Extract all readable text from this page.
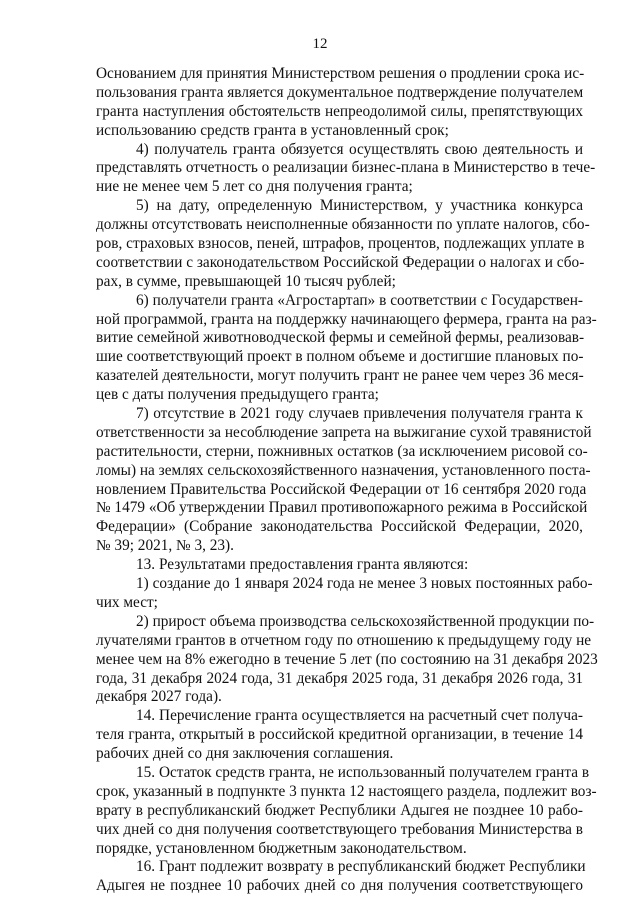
12
Основанием для принятия Министерством решения о продлении срока ис-
пользования гранта является документальное подтверждение получателем
гранта наступления обстоятельств непреодолимой силы, препятствующих
использованию средств гранта в установленный срок;
4) получатель гранта обязуется осуществлять свою деятельность и
представлять отчетность о реализации бизнес-плана в Министерство в тече-
ние не менее чем 5 лет со дня получения гранта;
5) на дату, определенную Министерством, у участника конкурса
должны отсутствовать неисполненные обязанности по уплате налогов, сбо-
ров, страховых взносов, пеней, штрафов, процентов, подлежащих уплате в
соответствии с законодательством Российской Федерации о налогах и сбо-
рах, в сумме, превышающей 10 тысяч рублей;
6) получатели гранта «Агростартап» в соответствии с Государствен-
ной программой, гранта на поддержку начинающего фермера, гранта на раз-
витие семейной животноводческой фермы и семейной фермы, реализовав-
шие соответствующий проект в полном объеме и достигшие плановых по-
казателей деятельности, могут получить грант не ранее чем через 36 меся-
цев с даты получения предыдущего гранта;
7) отсутствие в 2021 году случаев привлечения получателя гранта к
ответственности за несоблюдение запрета на выжигание сухой травянистой
растительности, стерни, пожнивных остатков (за исключением рисовой со-
ломы) на землях сельскохозяйственного назначения, установленного поста-
новлением Правительства Российской Федерации от 16 сентября 2020 года
№ 1479 «Об утверждении Правил противопожарного режима в Российской
Федерации» (Собрание законодательства Российской Федерации, 2020,
№ 39; 2021, № 3, 23).
13. Результатами предоставления гранта являются:
1) создание до 1 января 2024 года не менее 3 новых постоянных рабо-
чих мест;
2) прирост объема производства сельскохозяйственной продукции по-
лучателями грантов в отчетном году по отношению к предыдущему году не
менее чем на 8% ежегодно в течение 5 лет (по состоянию на 31 декабря 2023
года, 31 декабря 2024 года, 31 декабря 2025 года, 31 декабря 2026 года, 31
декабря 2027 года).
14. Перечисление гранта осуществляется на расчетный счет получа-
теля гранта, открытый в российской кредитной организации, в течение 14
рабочих дней со дня заключения соглашения.
15. Остаток средств гранта, не использованный получателем гранта в
срок, указанный в подпункте 3 пункта 12 настоящего раздела, подлежит воз-
врату в республиканский бюджет Республики Адыгея не позднее 10 рабо-
чих дней со дня получения соответствующего требования Министерства в
порядке, установленном бюджетным законодательством.
16. Грант подлежит возврату в республиканский бюджет Республики
Адыгея не позднее 10 рабочих дней со дня получения соответствующего
